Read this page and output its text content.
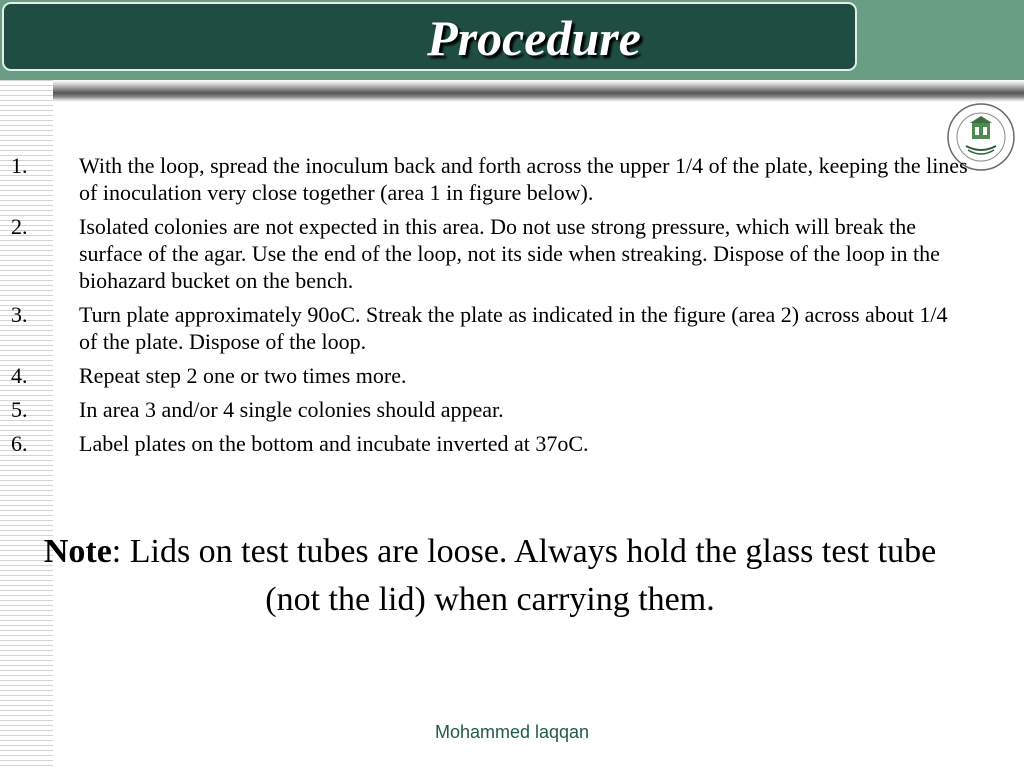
Procedure
1. With the loop, spread the inoculum back and forth across the upper 1/4 of the plate, keeping the lines of inoculation very close together (area 1 in figure below).
2. Isolated colonies are not expected in this area. Do not use strong pressure, which will break the surface of the agar. Use the end of the loop, not its side when streaking. Dispose of the loop in the biohazard bucket on the bench.
3. Turn plate approximately 90oC. Streak the plate as indicated in the figure (area 2) across about 1/4 of the plate. Dispose of the loop.
4. Repeat step 2 one or two times more.
5. In area 3 and/or 4 single colonies should appear.
6. Label plates on the bottom and incubate inverted at 37oC.
Note: Lids on test tubes are loose. Always hold the glass test tube (not the lid) when carrying them.
Mohammed laqqan
